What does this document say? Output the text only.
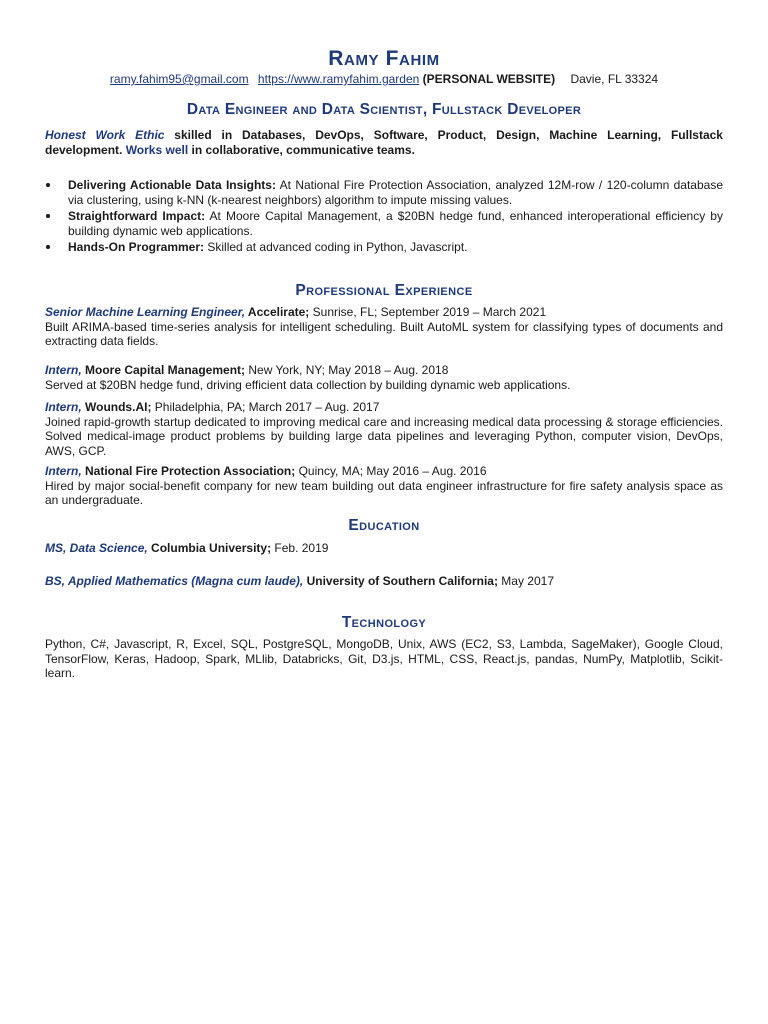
Ramy Fahim
ramy.fahim95@gmail.com https://www.ramyfahim.garden (PERSONAL WEBSITE) Davie, FL 33324
Data Engineer and Data Scientist, Fullstack Developer
Honest Work Ethic skilled in Databases, DevOps, Software, Product, Design, Machine Learning, Fullstack development. Works well in collaborative, communicative teams.
Delivering Actionable Data Insights: At National Fire Protection Association, analyzed 12M-row / 120-column database via clustering, using k-NN (k-nearest neighbors) algorithm to impute missing values.
Straightforward Impact: At Moore Capital Management, a $20BN hedge fund, enhanced interoperational efficiency by building dynamic web applications.
Hands-On Programmer: Skilled at advanced coding in Python, Javascript.
Professional Experience
Senior Machine Learning Engineer, Accelirate; Sunrise, FL; September 2019 – March 2021
Built ARIMA-based time-series analysis for intelligent scheduling. Built AutoML system for classifying types of documents and extracting data fields.
Intern, Moore Capital Management; New York, NY; May 2018 – Aug. 2018
Served at $20BN hedge fund, driving efficient data collection by building dynamic web applications.
Intern, Wounds.AI; Philadelphia, PA; March 2017 – Aug. 2017
Joined rapid-growth startup dedicated to improving medical care and increasing medical data processing & storage efficiencies. Solved medical-image product problems by building large data pipelines and leveraging Python, computer vision, DevOps, AWS, GCP.
Intern, National Fire Protection Association; Quincy, MA; May 2016 – Aug. 2016
Hired by major social-benefit company for new team building out data engineer infrastructure for fire safety analysis space as an undergraduate.
Education
MS, Data Science, Columbia University; Feb. 2019
BS, Applied Mathematics (Magna cum laude), University of Southern California; May 2017
Technology
Python, C#, Javascript, R, Excel, SQL, PostgreSQL, MongoDB, Unix, AWS (EC2, S3, Lambda, SageMaker), Google Cloud, TensorFlow, Keras, Hadoop, Spark, MLlib, Databricks, Git, D3.js, HTML, CSS, React.js, pandas, NumPy, Matplotlib, Scikit-learn.
